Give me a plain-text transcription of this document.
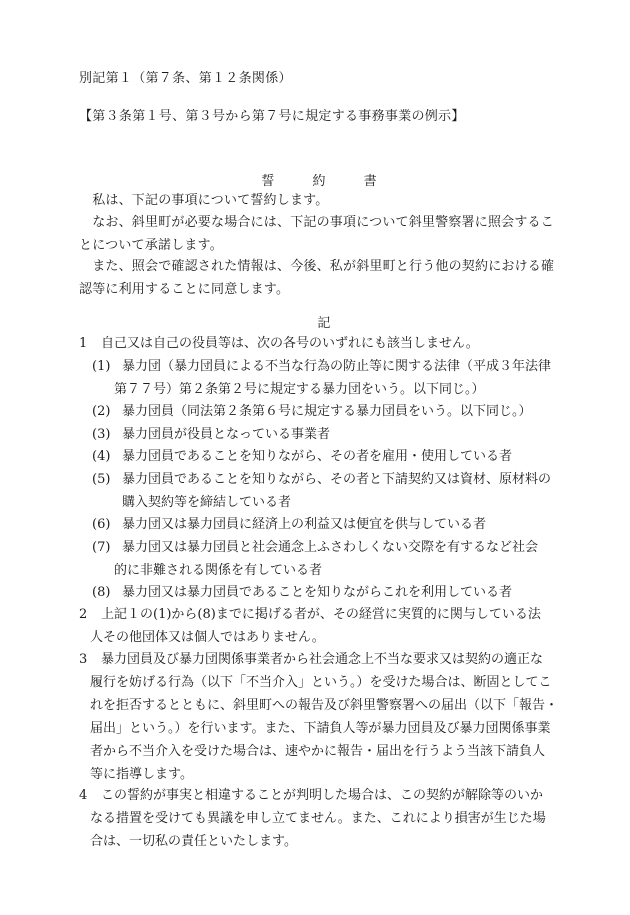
別記第１（第７条、第１２条関係）
【第３条第１号、第３号から第７号に規定する事務事業の例示】
誓	約	書
　私は、下記の事項について誓約します。
　なお、斜里町が必要な場合には、下記の事項について斜里警察署に照会するこ
とについて承諾します。
　また、照会で確認された情報は、今後、私が斜里町と行う他の契約における確
認等に利用することに同意します。
記
1 自己又は自己の役員等は、次の各号のいずれにも該当しません。
(1) 暴力団（暴力団員による不当な行為の防止等に関する法律（平成３年法律
第７７号）第２条第２号に規定する暴力団をいう。以下同じ。）
(2) 暴力団員（同法第２条第６号に規定する暴力団員をいう。以下同じ。）
(3) 暴力団員が役員となっている事業者
(4) 暴力団員であることを知りながら、その者を雇用・使用している者
(5) 暴力団員であることを知りながら、その者と下請契約又は資材、原材料の
購入契約等を締結している者
(6) 暴力団又は暴力団員に経済上の利益又は便宜を供与している者
(7) 暴力団又は暴力団員と社会通念上ふさわしくない交際を有するなど社会
的に非難される関係を有している者
(8) 暴力団又は暴力団員であることを知りながらこれを利用している者
2 上記１の(1)から(8)までに掲げる者が、その経営に実質的に関与している法
人その他団体又は個人ではありません。
3 暴力団員及び暴力団関係事業者から社会通念上不当な要求又は契約の適正な
履行を妨げる行為（以下「不当介入」という。）を受けた場合は、断固としてこ
れを拒否するとともに、斜里町への報告及び斜里警察署への届出（以下「報告・
届出」という。）を行います。また、下請負人等が暴力団員及び暴力団関係事業
者から不当介入を受けた場合は、速やかに報告・届出を行うよう当該下請負人
等に指導します。
4 この誓約が事実と相違することが判明した場合は、この契約が解除等のいか
なる措置を受けても異議を申し立てません。また、これにより損害が生じた場
合は、一切私の責任といたします。
